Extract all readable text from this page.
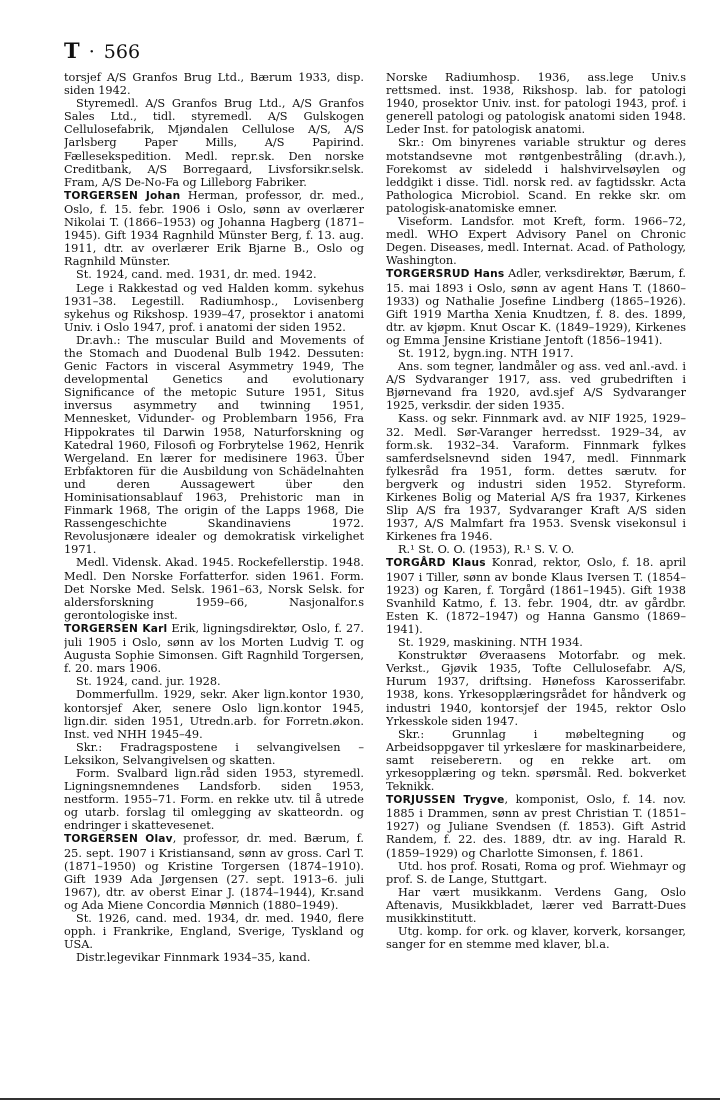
T · 566

torsjef A/S Granfos Brug Ltd., Bærum 1933, disp. siden 1942.

Styremedl. A/S Granfos Brug Ltd., A/S Granfos Sales Ltd., tidl. styremedl. A/S Gulskogen Cellulosefabrik, Mjøndalen Cellulose A/S, A/S Jarlsberg Paper Mills, A/S Papirind. Fællesekspedition. Medl. repr.sk. Den norske Creditbank, A/S Borregaard, Livsforsikr.selsk. Fram, A/S De-No-Fa og Lilleborg Fabriker.

TORGERSEN Johan Herman, professor, dr. med., Oslo, f. 15. febr. 1906 i Oslo, sønn av overlærer Nikolai T. (1866–1953) og Johanna Hagberg (1871–1945). Gift 1934 Ragnhild Münster Berg, f. 13. aug. 1911, dtr. av overlærer Erik Bjarne B., Oslo og Ragnhild Münster.

St. 1924, cand. med. 1931, dr. med. 1942.

Lege i Rakkestad og ved Halden komm. sykehus 1931–38. Legestill. Radiumhosp., Lovisenberg sykehus og Rikshosp. 1939–47, prosektor i anatomi Univ. i Oslo 1947, prof. i anatomi der siden 1952.

Dr.avh.: The muscular Build and Movements of the Stomach and Duodenal Bulb 1942. Dessuten: Genic Factors in visceral Asymmetry 1949, The developmental Genetics and evolutionary Significance of the metopic Suture 1951, Situs inversus asymmetry and twinning 1951, Mennesket, Vidunder- og Problembarn 1956, Fra Hippokrates til Darwin 1958, Naturforskning og Katedral 1960, Filosofi og Forbrytelse 1962, Henrik Wergeland. En lærer for medisinere 1963. Über Erbfaktoren für die Ausbildung von Schädelnahten und deren Aussagewert über den Hominisationsablauf 1963, Prehistoric man in Finmark 1968, The origin of the Lapps 1968, Die Rassengeschichte Skandinaviens 1972. Revolusjonære idealer og demokratisk virkelighet 1971.

Medl. Vidensk. Akad. 1945. Rockefellerstip. 1948. Medl. Den Norske Forfatterfor. siden 1961. Form. Det Norske Med. Selsk. 1961–63, Norsk Selsk. for aldersforskning 1959–66, Nasjonalfor.s gerontologiske inst.

TORGERSEN Karl Erik, ligningsdirektør, Oslo, f. 27. juli 1905 i Oslo, sønn av los Morten Ludvig T. og Augusta Sophie Simonsen. Gift Ragnhild Torgersen, f. 20. mars 1906.

St. 1924, cand. jur. 1928.

Dommerfullm. 1929, sekr. Aker lign.kontor 1930, kontorsjef Aker, senere Oslo lign.kontor 1945, lign.dir. siden 1951, Utredn.arb. for Forretn.økon. Inst. ved NHH 1945–49.

Skr.: Fradragspostene i selvangivelsen – Leksikon, Selvangivelsen og skatten.

Form. Svalbard lign.råd siden 1953, styremedl. Ligningsnemndenes Landsforb. siden 1953, nestform. 1955–71. Form. en rekke utv. til å utrede og utarb. forslag til omlegging av skatteordn. og endringer i skattevesenet.

TORGERSEN Olav, professor, dr. med. Bærum, f. 25. sept. 1907 i Kristiansand, sønn av gross. Carl T. (1871–1950) og Kristine Torgersen (1874–1910). Gift 1939 Ada Jørgensen (27. sept. 1913–6. juli 1967), dtr. av oberst Einar J. (1874–1944), Kr.sand og Ada Miene Concordia Mønnich (1880–1949).

St. 1926, cand. med. 1934, dr. med. 1940, flere opph. i Frankrike, England, Sverige, Tyskland og USA.

Distr.legevikar Finnmark 1934–35, kand.

Norske Radiumhosp. 1936, ass.lege Univ.s rettsmed. inst. 1938, Rikshosp. lab. for patologi 1940, prosektor Univ. inst. for patologi 1943, prof. i generell patologi og patologisk anatomi siden 1948. Leder Inst. for patologisk anatomi.

Skr.: Om binyrenes variable struktur og deres motstandsevne mot røntgenbestråling (dr.avh.), Forekomst av sideledd i halshvirvelsøylen og leddgikt i disse. Tidl. norsk red. av fagtidsskr. Acta Pathologica Microbiol. Scand. En rekke skr. om patologisk-anatomiske emner.

Viseform. Landsfor. mot Kreft, form. 1966–72, medl. WHO Expert Advisory Panel on Chronic Degen. Diseases, medl. Internat. Acad. of Pathology, Washington.

TORGERSRUD Hans Adler, verksdirektør, Bærum, f. 15. mai 1893 i Oslo, sønn av agent Hans T. (1860–1933) og Nathalie Josefine Lindberg (1865–1926). Gift 1919 Martha Xenia Knudtzen, f. 8. des. 1899, dtr. av kjøpm. Knut Oscar K. (1849–1929), Kirkenes og Emma Jensine Kristiane Jentoft (1856–1941).

St. 1912, bygn.ing. NTH 1917.

Ans. som tegner, landmåler og ass. ved anl.-avd. i A/S Sydvaranger 1917, ass. ved grubedriften i Bjørnevand fra 1920, avd.sjef A/S Sydvaranger 1925, verksdir. der siden 1935.

Kass. og sekr. Finnmark avd. av NIF 1925, 1929–32. Medl. Sør-Varanger herredsst. 1929–34, av form.sk. 1932–34. Varaform. Finnmark fylkes samferdselsnevnd siden 1947, medl. Finnmark fylkesråd fra 1951, form. dettes særutv. for bergverk og industri siden 1952. Styreform. Kirkenes Bolig og Material A/S fra 1937, Kirkenes Slip A/S fra 1937, Sydvaranger Kraft A/S siden 1937, A/S Malmfart fra 1953. Svensk visekonsul i Kirkenes fra 1946.

R.¹ St. O. O. (1953), R.¹ S. V. O.

TORGÅRD Klaus Konrad, rektor, Oslo, f. 18. april 1907 i Tiller, sønn av bonde Klaus Iversen T. (1854–1923) og Karen, f. Torgård (1861–1945). Gift 1938 Svanhild Katmo, f. 13. febr. 1904, dtr. av gårdbr. Esten K. (1872–1947) og Hanna Gansmo (1869–1941).

St. 1929, maskining. NTH 1934.

Konstruktør Øveraasens Motorfabr. og mek. Verkst., Gjøvik 1935, Tofte Cellulosefabr. A/S, Hurum 1937, driftsing. Hønefoss Karosserifabr. 1938, kons. Yrkesopplæringsrådet for håndverk og industri 1940, kontorsjef der 1945, rektor Oslo Yrkesskole siden 1947.

Skr.: Grunnlag i møbeltegning og Arbeidsoppgaver til yrkeslære for maskinarbeidere, samt reisebereтn. og en rekke art. om yrkesopplæring og tekn. spørsmål. Red. bokverket Teknikk.

TORJUSSEN Trygve, komponist, Oslo, f. 14. nov. 1885 i Drammen, sønn av prest Christian T. (1851–1927) og Juliane Svendsen (f. 1853). Gift Astrid Randem, f. 22. des. 1889, dtr. av ing. Harald R. (1859–1929) og Charlotte Simonsen, f. 1861.

Utd. hos prof. Rosati, Roma og prof. Wiehmayr og prof. S. de Lange, Stuttgart.

Har vært musikkanm. Verdens Gang, Oslo Aftenavis, Musikkbladet, lærer ved Barratt-Dues musikkinstitutt.

Utg. komp. for ork. og klaver, korverk, korsanger, sanger for en stemme med klaver, bl.a.
